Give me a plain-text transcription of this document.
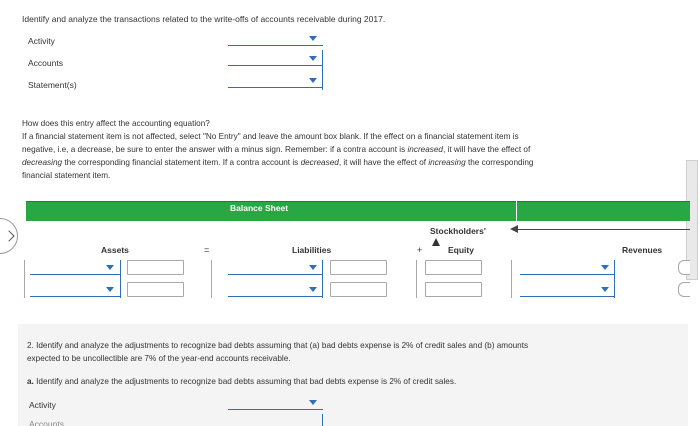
Identify and analyze the transactions related to the write-offs of accounts receivable during 2017.
Activity
Accounts
Statement(s)
How does this entry affect the accounting equation?
If a financial statement item is not affected, select "No Entry" and leave the amount box blank. If the effect on a financial statement item is
negative, i.e, a decrease, be sure to enter the answer with a minus sign. Remember: if a contra account is increased, it will have the effect of
decreasing the corresponding financial statement item. If a contra account is decreased, it will have the effect of increasing the corresponding
financial statement item.
Balance Sheet
Stockholders'
Assets	=	Liabilities	+	Equity	Revenues
2. Identify and analyze the adjustments to recognize bad debts assuming that (a) bad debts expense is 2% of credit sales and (b) amounts
expected to be uncollectible are 7% of the year-end accounts receivable.
a. Identify and analyze the adjustments to recognize bad debts assuming that bad debts expense is 2% of credit sales.
Activity
Accounts
